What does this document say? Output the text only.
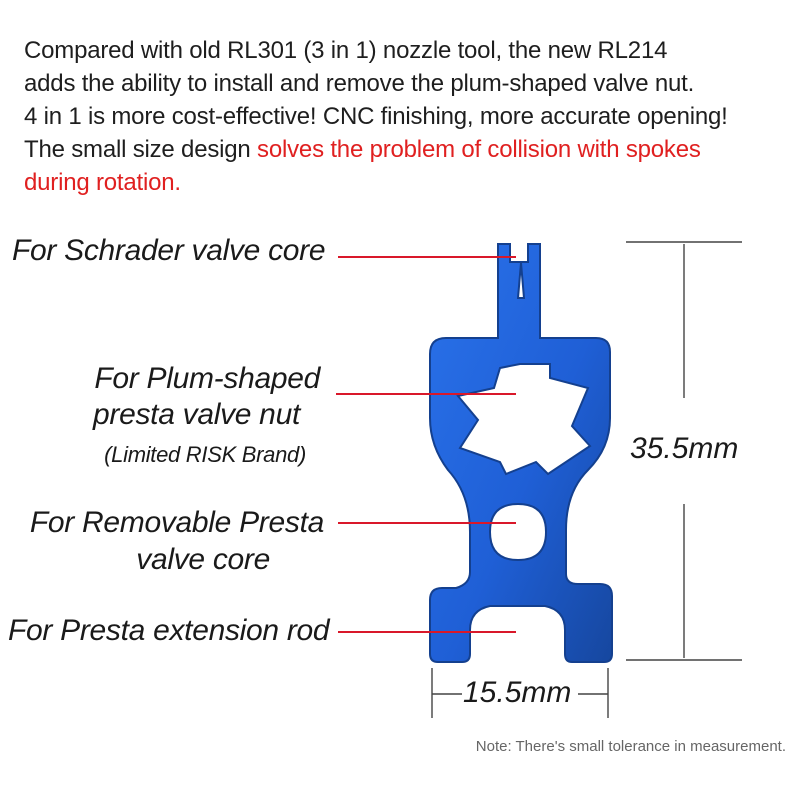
Compared with old RL301 (3 in 1) nozzle tool, the new RL214
adds the ability to install and remove the plum-shaped valve nut.
4 in 1 is more cost-effective! CNC finishing, more accurate opening!
The small size design solves the problem of collision with spokes
during rotation.
For Schrader valve core
For Plum-shaped
presta valve nut
(Limited RISK Brand)
For Removable Presta
valve core
For Presta extension rod
35.5mm
15.5mm
Note: There's small tolerance in measurement.
